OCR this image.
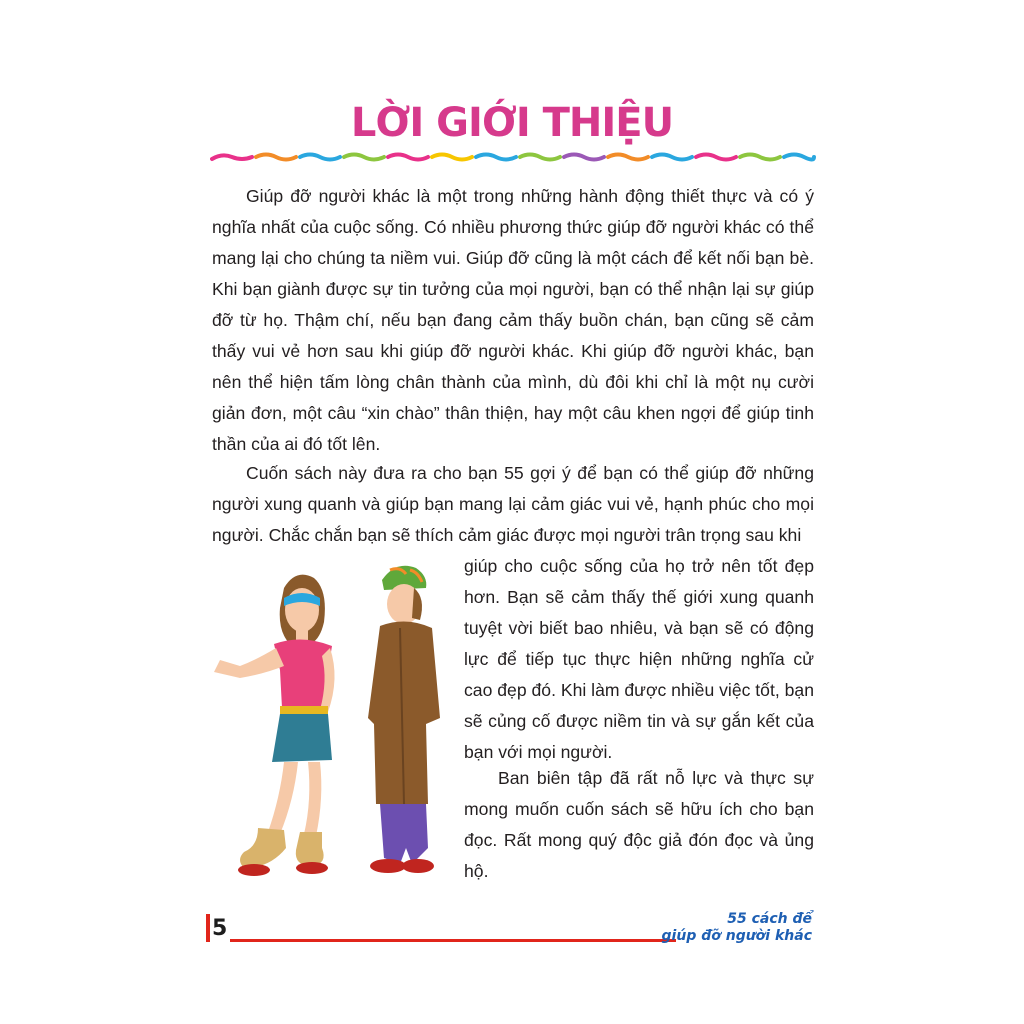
LỜI GIỚI THIỆU

Giúp đỡ người khác là một trong những hành động thiết thực và có ý nghĩa nhất của cuộc sống. Có nhiều phương thức giúp đỡ người khác có thể mang lại cho chúng ta niềm vui. Giúp đỡ cũng là một cách để kết nối bạn bè. Khi bạn giành được sự tin tưởng của mọi người, bạn có thể nhận lại sự giúp đỡ từ họ. Thậm chí, nếu bạn đang cảm thấy buồn chán, bạn cũng sẽ cảm thấy vui vẻ hơn sau khi giúp đỡ người khác. Khi giúp đỡ người khác, bạn nên thể hiện tấm lòng chân thành của mình, dù đôi khi chỉ là một nụ cười giản đơn, một câu “xin chào” thân thiện, hay một câu khen ngợi để giúp tinh thần của ai đó tốt lên.

Cuốn sách này đưa ra cho bạn 55 gợi ý để bạn có thể giúp đỡ những người xung quanh và giúp bạn mang lại cảm giác vui vẻ, hạnh phúc cho mọi người. Chắc chắn bạn sẽ thích cảm giác được mọi người trân trọng sau khi

giúp cho cuộc sống của họ trở nên tốt đẹp hơn. Bạn sẽ cảm thấy thế giới xung quanh tuyệt vời biết bao nhiêu, và bạn sẽ có động lực để tiếp tục thực hiện những nghĩa cử cao đẹp đó. Khi làm được nhiều việc tốt, bạn sẽ củng cố được niềm tin và sự gắn kết của bạn với mọi người.

Ban biên tập đã rất nỗ lực và thực sự mong muốn cuốn sách sẽ hữu ích cho bạn đọc. Rất mong quý độc giả đón đọc và ủng hộ.

5	55 cách để
giúp đỡ người khác
